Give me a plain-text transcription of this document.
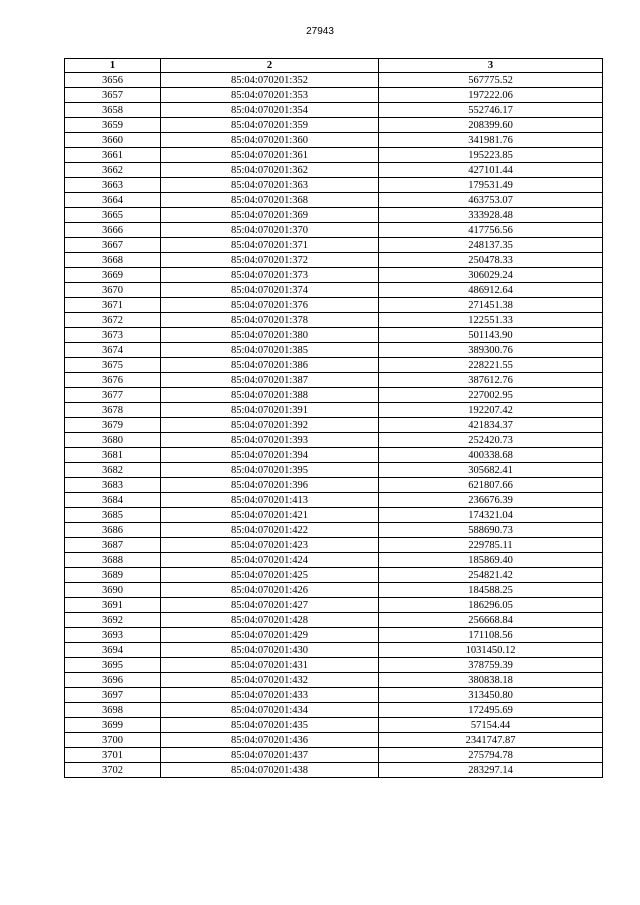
27943
1	2	3
3656	85:04:070201:352	567775.52
3657	85:04:070201:353	197222.06
3658	85:04:070201:354	552746.17
3659	85:04:070201:359	208399.60
3660	85:04:070201:360	341981.76
3661	85:04:070201:361	195223.85
3662	85:04:070201:362	427101.44
3663	85:04:070201:363	179531.49
3664	85:04:070201:368	463753.07
3665	85:04:070201:369	333928.48
3666	85:04:070201:370	417756.56
3667	85:04:070201:371	248137.35
3668	85:04:070201:372	250478.33
3669	85:04:070201:373	306029.24
3670	85:04:070201:374	486912.64
3671	85:04:070201:376	271451.38
3672	85:04:070201:378	122551.33
3673	85:04:070201:380	501143.90
3674	85:04:070201:385	389300.76
3675	85:04:070201:386	228221.55
3676	85:04:070201:387	387612.76
3677	85:04:070201:388	227002.95
3678	85:04:070201:391	192207.42
3679	85:04:070201:392	421834.37
3680	85:04:070201:393	252420.73
3681	85:04:070201:394	400338.68
3682	85:04:070201:395	305682.41
3683	85:04:070201:396	621807.66
3684	85:04:070201:413	236676.39
3685	85:04:070201:421	174321.04
3686	85:04:070201:422	588690.73
3687	85:04:070201:423	229785.11
3688	85:04:070201:424	185869.40
3689	85:04:070201:425	254821.42
3690	85:04:070201:426	184588.25
3691	85:04:070201:427	186296.05
3692	85:04:070201:428	256668.84
3693	85:04:070201:429	171108.56
3694	85:04:070201:430	1031450.12
3695	85:04:070201:431	378759.39
3696	85:04:070201:432	380838.18
3697	85:04:070201:433	313450.80
3698	85:04:070201:434	172495.69
3699	85:04:070201:435	57154.44
3700	85:04:070201:436	2341747.87
3701	85:04:070201:437	275794.78
3702	85:04:070201:438	283297.14
